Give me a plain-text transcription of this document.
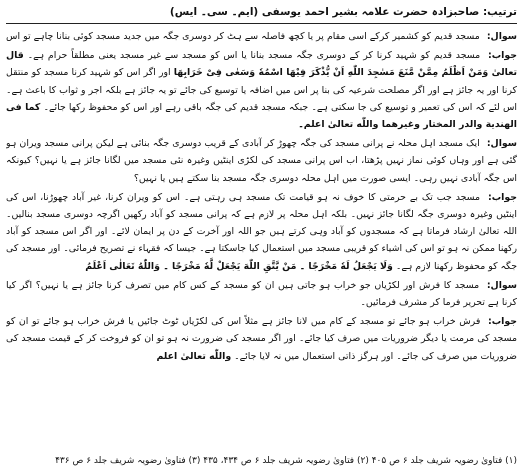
ترتیب: صاحبزادہ حضرت علامہ بشیر احمد یوسفی (ایم۔ سی۔ ایس)
سوال: مسجد قدیم کو کشمیر کرکے اسی مقام پر یا کچھ فاصلہ سے ہٹ کر دوسری جگہ میں جدید مسجد کوئی بنانا چاہے تو اس
جواب: مسجد قدیم کو شہید کرنا کر کے دوسری جگہ مسجد بنانا یا اس کو مسجد سے غیر مسجد یعنی مطلقاً حرام ہے۔ قال تعالیٰ وَمَنْ اَظْلَمُ مِمَّنْ مَّنَعَ مَسٰجِدَ اللّٰهِ اَنْ یُّذْكَرَ فِیْهَا اسْمُهٗ وَسَعٰى فِیْ خَرَابِهَا اور اگر اس کو شہید کرنا مسجد کو منتقل کرنا اور یہ جائز ہے اور اگر مصلحت شرعیہ کی بنا پر اس میں اضافہ یا توسیع کی جائے تو یہ جائز ہے بلکہ اجر و ثواب کا باعث ہے۔ اس لئے کہ اس کی تعمیر و توسیع کی جا سکتی ہے۔ جبکہ مسجد قدیم کی جگہ باقی رہے اور اس کو محفوظ رکھا جائے۔ کما فی الهندیة والدر المختار وغیرهما واللّٰه تعالیٰ اعلم۔
سوال: ایک مسجد اہل محلہ نے پرانی مسجد کی جگہ چھوڑ کر آبادی کے قریب دوسری جگہ بنائی ہے لیکن پرانی مسجد ویران ہو گئی ہے اور وہاں کوئی نماز نہیں پڑھتا، اب اس پرانی مسجد کی لکڑی اینٹیں وغیرہ نئی مسجد میں لگانا جائز ہے یا نہیں؟ کیونکہ اس جگہ آبادی نہیں رہی۔ ایسی صورت میں اہل محلہ دوسری جگہ مسجد بنا سکتے ہیں یا نہیں؟
جواب: مسجد جب تک بے حرمتی کا خوف نہ ہو قیامت تک مسجد ہی رہتی ہے۔ اس کو ویران کرنا، غیر آباد چھوڑنا، اس کی اینٹیں وغیرہ دوسری جگہ لگانا جائز نہیں۔ بلکہ اہل محلہ پر لازم ہے کہ پرانی مسجد کو آباد رکھیں اگرچہ دوسری مسجد بنالیں۔ اللہ تعالیٰ ارشاد فرماتا ہے کہ مسجدوں کو آباد وہی کرتے ہیں جو اللہ اور آخرت کے دن پر ایمان لائے۔ اور اگر اس مسجد کو آباد رکھنا ممکن نہ ہو تو اس کی اشیاء کو قریبی مسجد میں استعمال کیا جاسکتا ہے۔ جیسا کہ فقہاء نے تصریح فرمائی۔ اور مسجد کی جگہ کو محفوظ رکھنا لازم ہے۔ وَلَا یَجْعَلُ لَهٗ مَخْرَجًا ۔ مَنْ یَّتَّقِ اللّٰهَ یَجْعَلْ لَّهٗ مَخْرَجًا ۔ وَاللّٰهُ تَعَالٰی اَعْلَمُ
سوال: مسجد کا فرش اور لکڑیاں جو خراب ہو جاتی ہیں ان کو مسجد کے کس کام میں تصرف کرنا جائز ہے یا نہیں؟ اگر کیا کرنا ہے تحریر فرما کر مشرف فرمائیں۔
جواب: فرش خراب ہو جائے تو مسجد کے کام میں لانا جائز ہے مثلاً اس کی لکڑیاں ٹوٹ جائیں یا فرش خراب ہو جائے تو ان کو مسجد کی مرمت یا دیگر ضروریات میں صرف کیا جائے۔ اور اگر مسجد کی ضرورت نہ ہو تو ان کو فروخت کر کے قیمت مسجد کی ضروریات میں صرف کی جائے۔ اور ہرگز ذاتی استعمال میں نہ لایا جائے۔ واللّٰه تعالیٰ اعلم
(۱) فتاویٰ رضویہ شریف جلد ۶ ص ۴۰۵ (۲) فتاویٰ رضویہ شریف جلد ۶ ص ۴۳۴، ۴۳۵ (۳) فتاویٰ رضویہ شریف جلد ۶ ص ۴۳۶
